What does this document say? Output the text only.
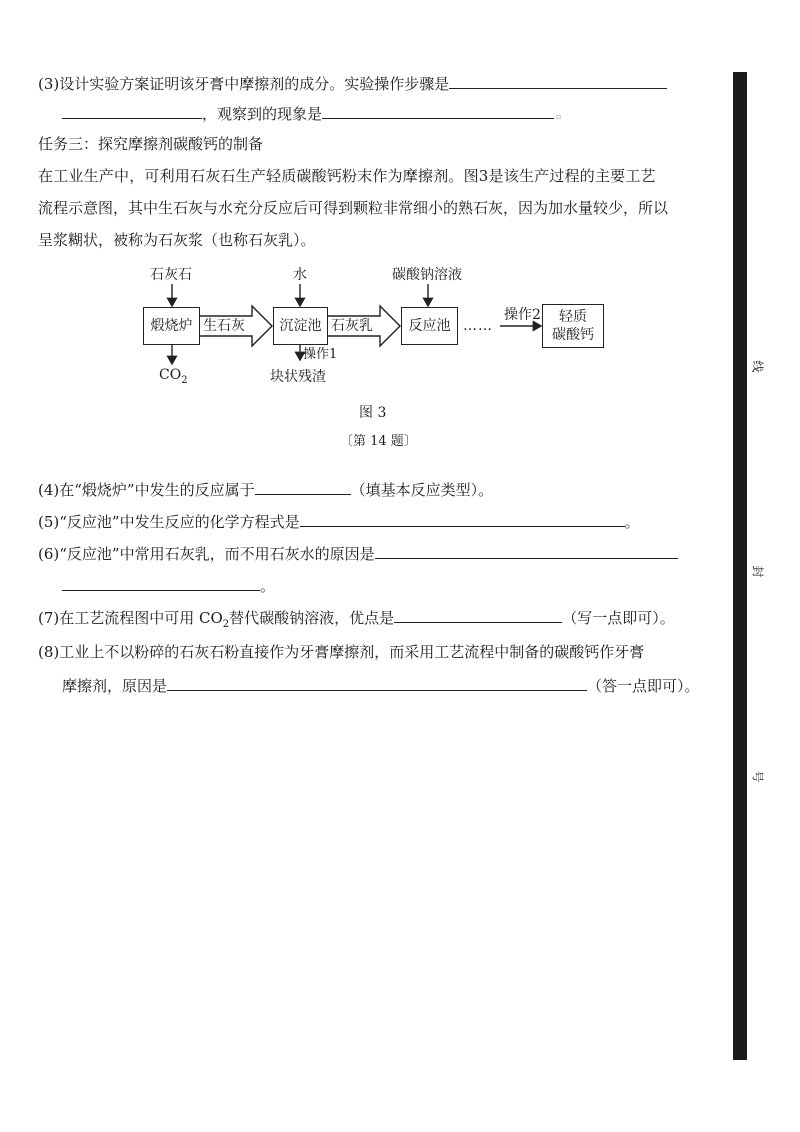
(3)设计实验方案证明该牙膏中摩擦剂的成分。实验操作步骤是
，观察到的现象是	▫
任务三：探究摩擦剂碳酸钙的制备
在工业生产中，可利用石灰石生产轻质碳酸钙粉末作为摩擦剂。图3是该生产过程的主要工艺
流程示意图，其中生石灰与水充分反应后可得到颗粒非常细小的熟石灰，因为加水量较少，所以
呈浆糊状，被称为石灰浆（也称石灰乳）。
石灰石	水	碳酸钠溶液
煅烧炉 生石灰	沉淀池 石灰乳	反应池 ……
操作2 轻质
碳酸钙
$CO_2$
操作1
块状残渣
图 3
〔第 14 题〕
(4)在“煅烧炉”中发生的反应属于	（填基本反应类型）。
(5)“反应池”中发生反应的化学方程式是	。
(6)“反应池”中常用石灰乳，而不用石灰水的原因是
。
(7)在工艺流程图中可用 $CO_2$替代碳酸钠溶液，优点是	（写一点即可）。
(8)工业上不以粉碎的石灰石粉直接作为牙膏摩擦剂，而采用工艺流程中制备的碳酸钙作牙膏
摩擦剂，原因是	（答一点即可）。
线
封
号
